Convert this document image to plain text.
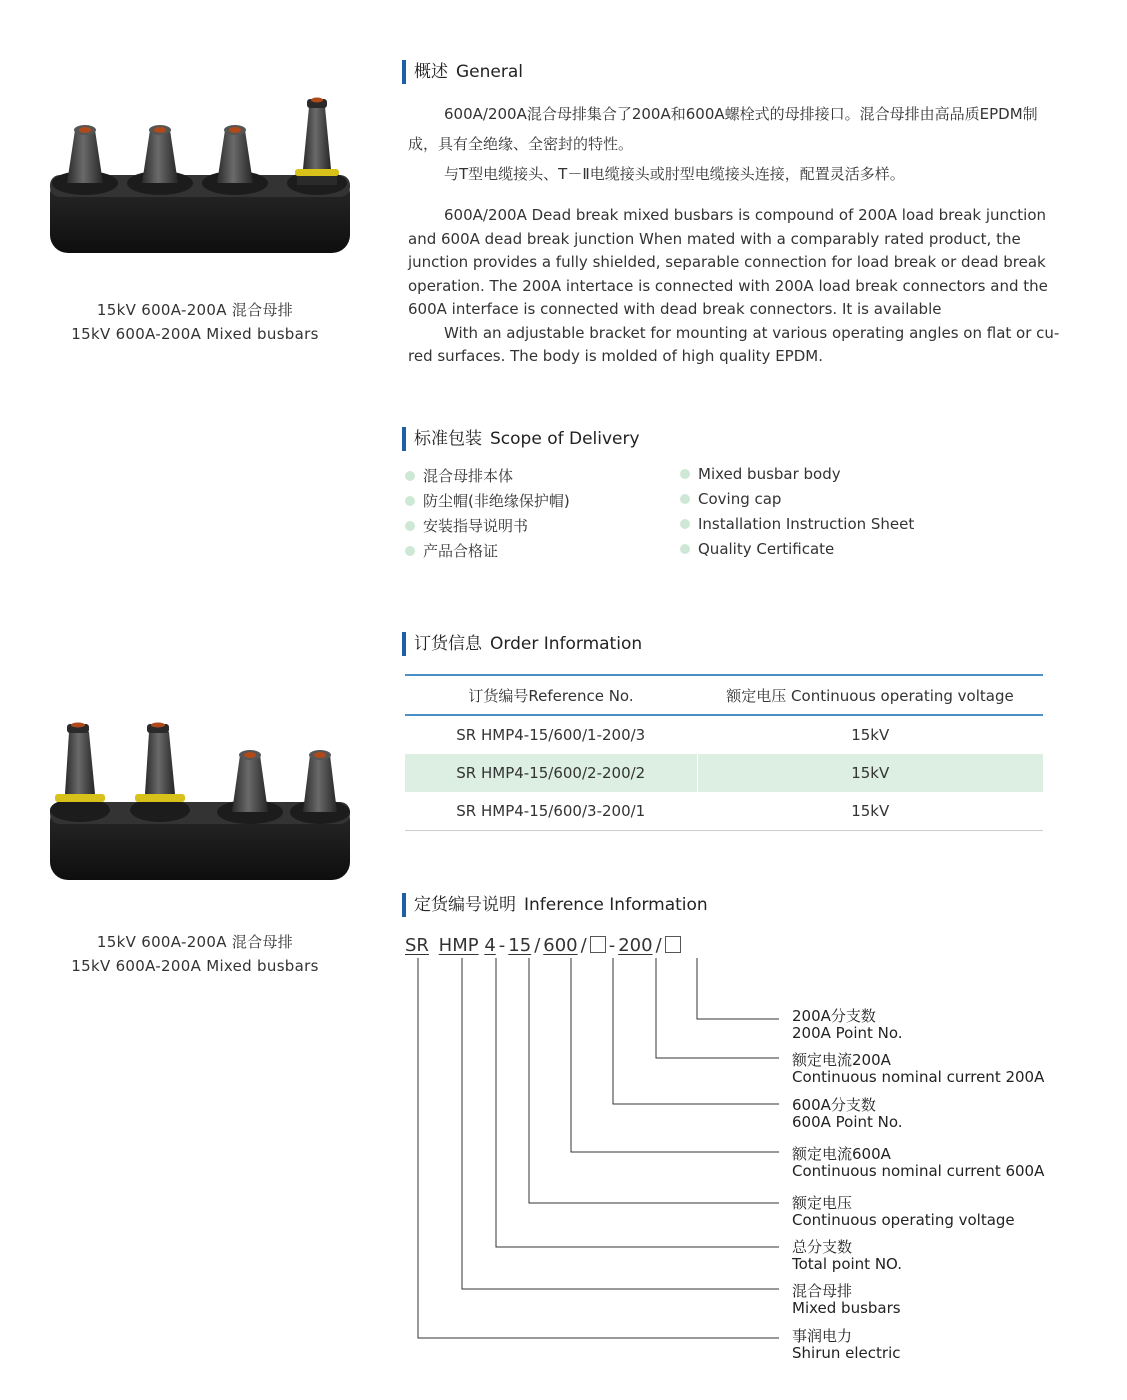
15kV 600A-200A 混合母排
15kV 600A-200A Mixed busbars
15kV 600A-200A 混合母排
15kV 600A-200A Mixed busbars
概述 General

600A/200A混合母排集合了200A和600A螺栓式的母排接口。混合母排由高品质EPDM制成，具有全绝缘、全密封的特性。

与T型电缆接头、T－Ⅱ电缆接头或肘型电缆接头连接，配置灵活多样。

600A/200A Dead break mixed busbars is compound of 200A load break junction and 600A dead break junction When mated with a comparably rated product, the junction provides a fully shielded, separable connection for load break or dead break operation. The 200A intertace is connected with 200A load break connectors and the 600A interface is connected with dead break connectors. It is available

With an adjustable bracket for mounting at various operating angles on flat or cu-red surfaces. The body is molded of high quality EPDM.

标准包装 Scope of Delivery
混合母排本体
防尘帽(非绝缘保护帽)
安装指导说明书
产品合格证
Mixed busbar body
Coving cap
Installation Instruction Sheet
Quality Certificate
订货信息 Order Information
订货编号Reference No.	额定电压 Continuous operating voltage
SR HMP4-15/600/1-200/3	15kV
SR HMP4-15/600/2-200/2	15kV
SR HMP4-15/600/3-200/1	15kV
定货编号说明 Inference Information
SR HMP 4 - 15 / 600 / - 200 /
200A分支数
200A Point No.
额定电流200A
Continuous nominal current 200A
600A分支数
600A Point No.
额定电流600A
Continuous nominal current 600A
额定电压
Continuous operating voltage
总分支数
Total point NO.
混合母排
Mixed busbars
事润电力
Shirun electric
